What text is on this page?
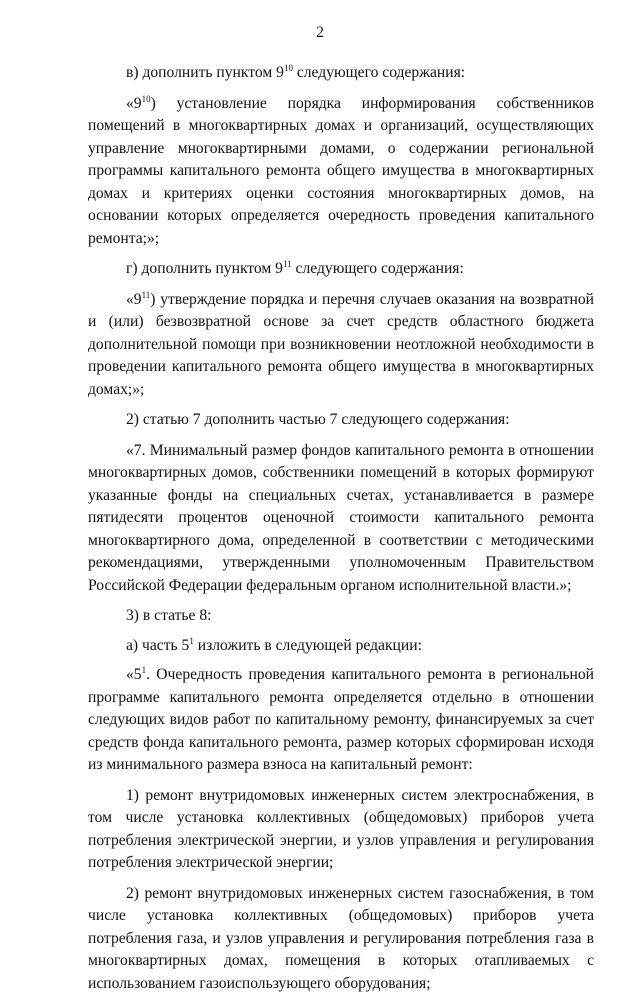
2

в) дополнить пунктом $9^{10}$ следующего содержания:

«$9^{10}$) установление порядка информирования собственников помещений в многоквартирных домах и организаций, осуществляющих управление многоквартирными домами, о содержании региональной программы капитального ремонта общего имущества в многоквартирных домах и критериях оценки состояния многоквартирных домов, на основании которых определяется очередность проведения капитального ремонта;»;

г) дополнить пунктом $9^{11}$ следующего содержания:

«$9^{11}$) утверждение порядка и перечня случаев оказания на возвратной и (или) безвозвратной основе за счет средств областного бюджета дополнительной помощи при возникновении неотложной необходимости в проведении капитального ремонта общего имущества в многоквартирных домах;»;

2) статью 7 дополнить частью 7 следующего содержания:

«7. Минимальный размер фондов капитального ремонта в отношении многоквартирных домов, собственники помещений в которых формируют указанные фонды на специальных счетах, устанавливается в размере пятидесяти процентов оценочной стоимости капитального ремонта многоквартирного дома, определенной в соответствии с методическими рекомендациями, утвержденными уполномоченным Правительством Российской Федерации федеральным органом исполнительной власти.»;

3) в статье 8:

а) часть $5^1$ изложить в следующей редакции:

«$5^1$. Очередность проведения капитального ремонта в региональной программе капитального ремонта определяется отдельно в отношении следующих видов работ по капитальному ремонту, финансируемых за счет средств фонда капитального ремонта, размер которых сформирован исходя из минимального размера взноса на капитальный ремонт:

1) ремонт внутридомовых инженерных систем электроснабжения, в том числе установка коллективных (общедомовых) приборов учета потребления электрической энергии, и узлов управления и регулирования потребления электрической энергии;

2) ремонт внутридомовых инженерных систем газоснабжения, в том числе установка коллективных (общедомовых) приборов учета потребления газа, и узлов управления и регулирования потребления газа в многоквартирных домах, помещения в которых отапливаемых с использованием газоиспользующего оборудования;
